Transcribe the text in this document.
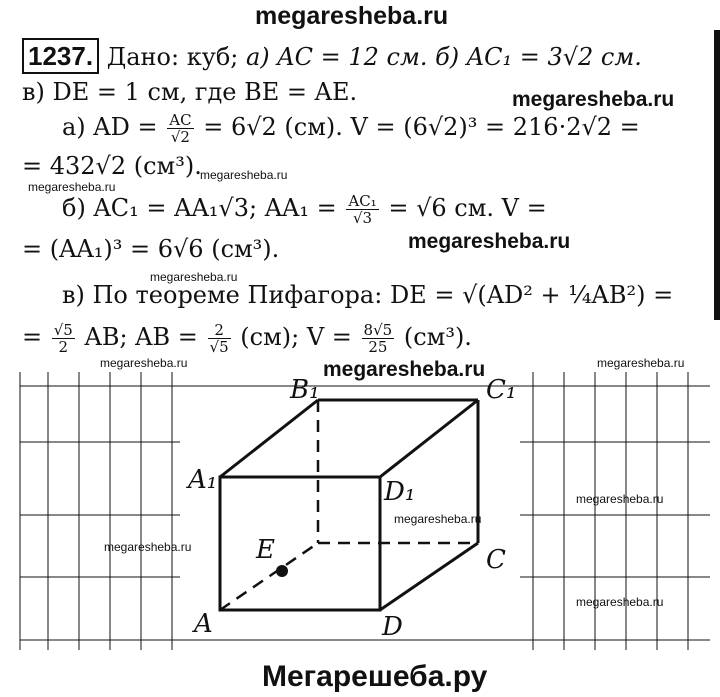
megaresheba.ru
1237. Дано: куб; а) AC = 12 см. б) AC₁ = 3√2 см.
в) DE = 1 см, где BE = AE.	megaresheba.ru
а) AD = $\frac{AC}{√2} = 6√2$ (см). V = (6√2)³ = 216·2√2 =
= 432√2 (см³).
megaresheba.ru
megaresheba.ru
б) AC₁ = AA₁√3; $AA_1 = \frac{\text{AC₁}}{√3} = √6$ см. V =
= (AA₁)³ = 6√6 (см³).	megaresheba.ru
megaresheba.ru
в) По теореме Пифагора: DE = √(AD² + ¼AB²) =
= $\frac{√5}{2}$ AB; AB = $\frac{2}{√5} (см)$; $V = \frac{8√5}{25} (см^3)$.
A
A₁
B₁	C₁
D₁
E	C
D
megaresheba.ru	megaresheba.ru	megaresheba.ru
megaresheba.ru
megaresheba.ru
megaresheba.ru
megaresheba.ru
Мегарешеба.ру
